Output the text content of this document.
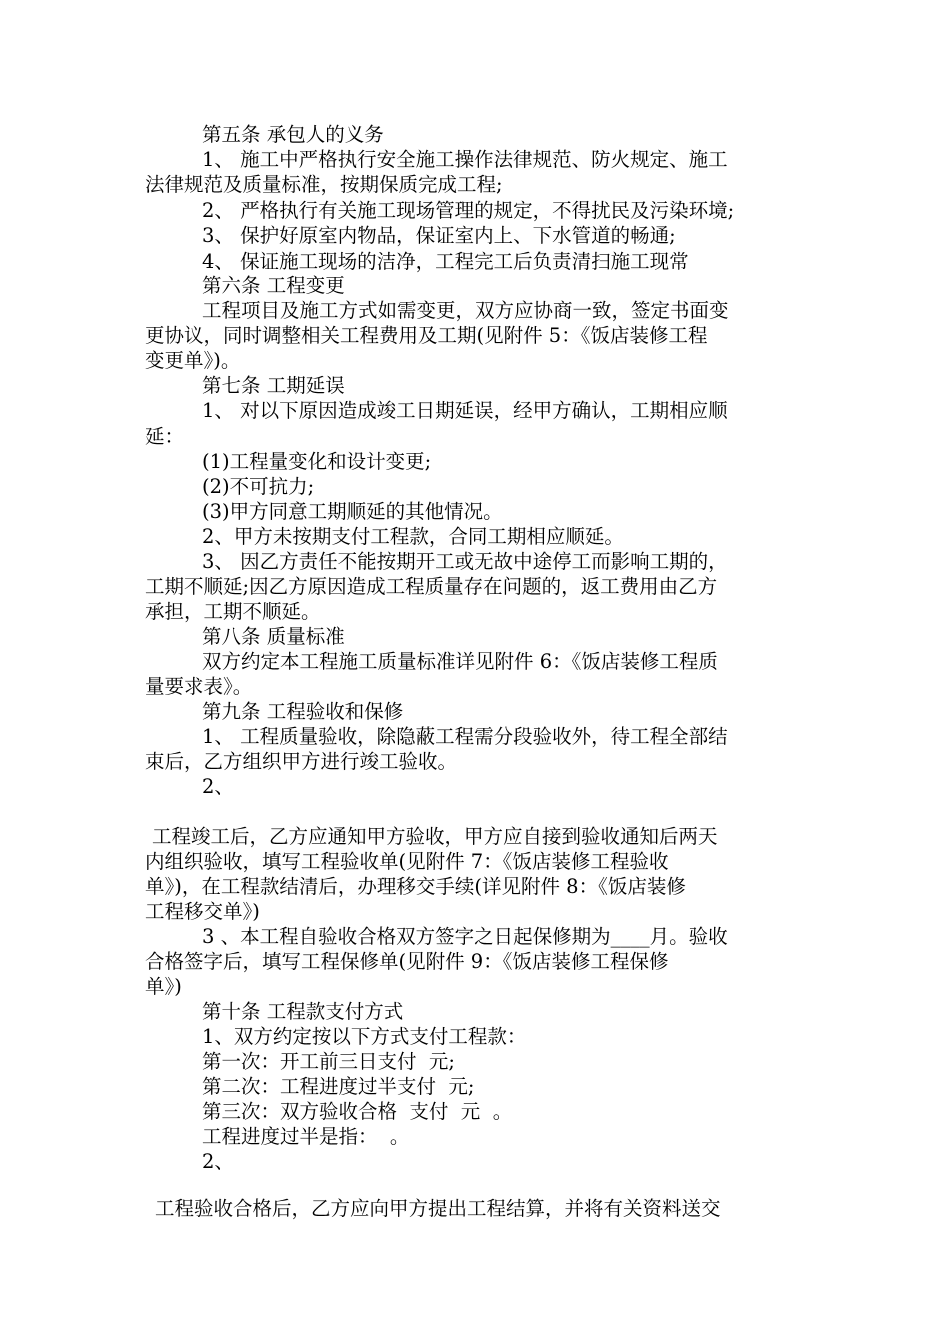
第五条 承包人的义务
1、 施工中严格执行安全施工操作法律规范、防火规定、施工
法律规范及质量标准，按期保质完成工程;
2、 严格执行有关施工现场管理的规定，不得扰民及污染环境;
3、 保护好原室内物品，保证室内上、下水管道的畅通;
4、 保证施工现场的洁净，工程完工后负责清扫施工现常
第六条 工程变更
工程项目及施工方式如需变更，双方应协商一致，签定书面变
更协议，同时调整相关工程费用及工期(见附件 5：《饭店装修工程
变更单》)。
第七条 工期延误
1、 对以下原因造成竣工日期延误，经甲方确认，工期相应顺
延：
(1)工程量变化和设计变更;
(2)不可抗力;
(3)甲方同意工期顺延的其他情况。
2、甲方未按期支付工程款，合同工期相应顺延。
3、 因乙方责任不能按期开工或无故中途停工而影响工期的，
工期不顺延;因乙方原因造成工程质量存在问题的，返工费用由乙方
承担，工期不顺延。
第八条 质量标准
双方约定本工程施工质量标准详见附件 6：《饭店装修工程质
量要求表》。
第九条 工程验收和保修
1、 工程质量验收，除隐蔽工程需分段验收外，待工程全部结
束后，乙方组织甲方进行竣工验收。
2、
工程竣工后，乙方应通知甲方验收，甲方应自接到验收通知后两天
内组织验收，填写工程验收单(见附件 7：《饭店装修工程验收
单》)，在工程款结清后，办理移交手续(详见附件 8：《饭店装修
工程移交单》)
3 、本工程自验收合格双方签字之日起保修期为____月。验收
合格签字后，填写工程保修单(见附件 9：《饭店装修工程保修
单》)
第十条 工程款支付方式
1、双方约定按以下方式支付工程款：
第一次：开工前三日支付  元;
第二次：工程进度过半支付  元;
第三次：双方验收合格  支付  元  。
工程进度过半是指：  。
2、
工程验收合格后，乙方应向甲方提出工程结算，并将有关资料送交
